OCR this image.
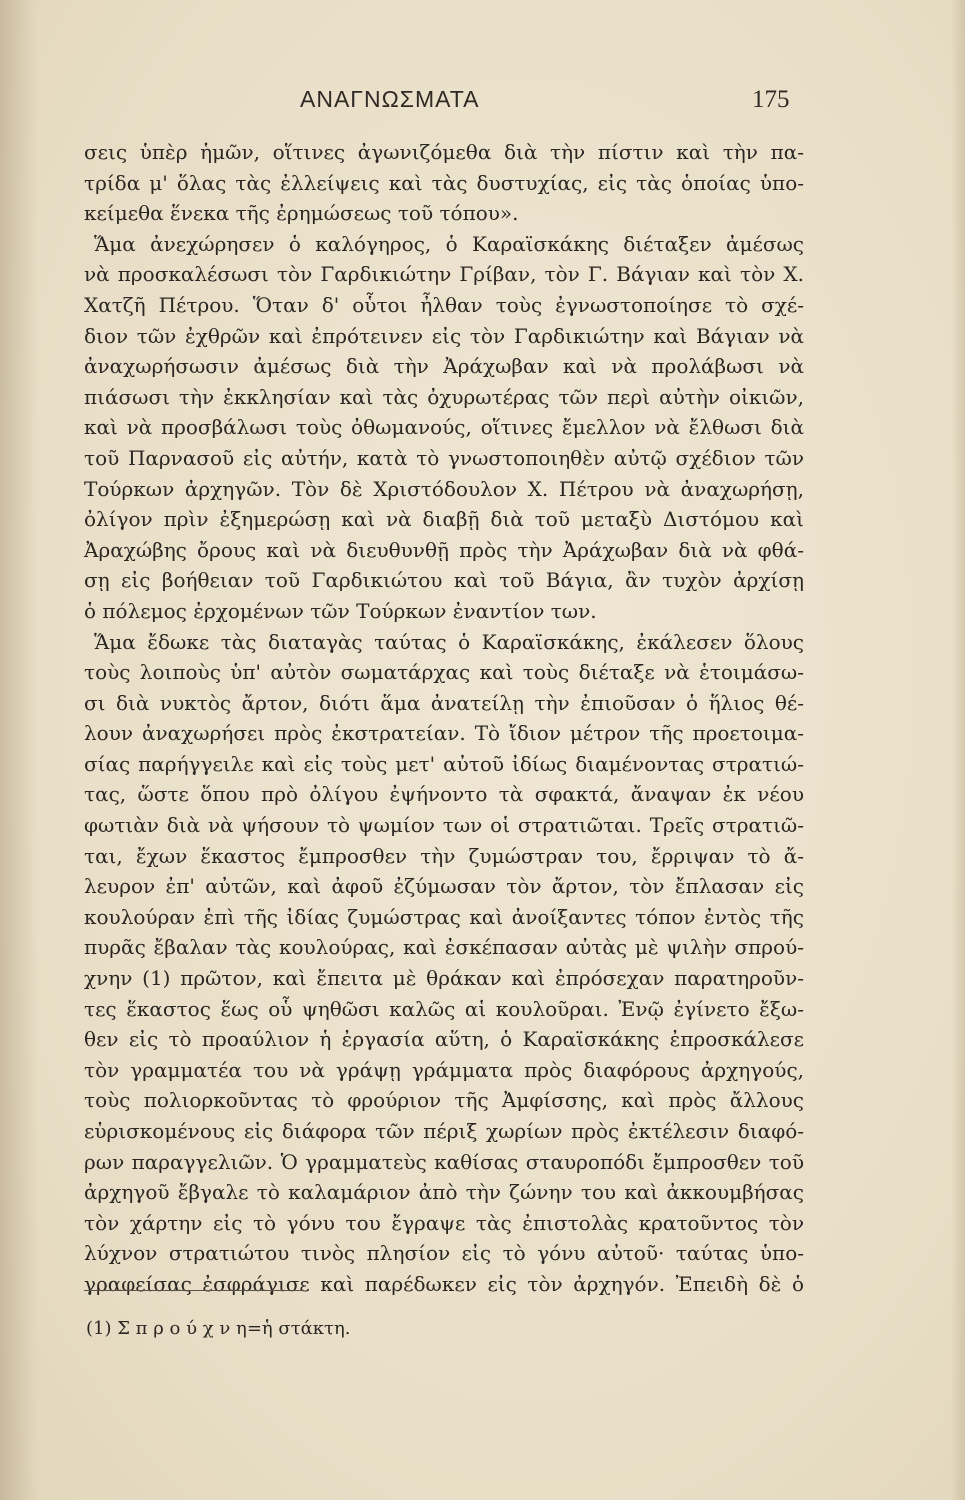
ΑΝΑΓΝΩΣΜΑΤΑ	175
σεις ὑπὲρ ἡμῶν, οἵτινες ἀγωνιζόμεθα διὰ τὴν πίστιν καὶ τὴν πα-
τρίδα μ' ὅλας τὰς ἐλλείψεις καὶ τὰς δυστυχίας, εἰς τὰς ὁποίας ὑπο-
κείμεθα ἕνεκα τῆς ἐρημώσεως τοῦ τόπου».
Ἅμα ἀνεχώρησεν ὁ καλόγηρος, ὁ Καραϊσκάκης διέταξεν ἀμέσως
νὰ προσκαλέσωσι τὸν Γαρδικιώτην Γρίβαν, τὸν Γ. Βάγιαν καὶ τὸν Χ.
Χατζῆ Πέτρου. Ὅταν δ' οὗτοι ἦλθαν τοὺς ἐγνωστοποίησε τὸ σχέ-
διον τῶν ἐχθρῶν καὶ ἐπρότεινεν εἰς τὸν Γαρδικιώτην καὶ Βάγιαν νὰ
ἀναχωρήσωσιν ἀμέσως διὰ τὴν Ἀράχωβαν καὶ νὰ προλάβωσι νὰ
πιάσωσι τὴν ἐκκλησίαν καὶ τὰς ὀχυρωτέρας τῶν περὶ αὐτὴν οἰκιῶν,
καὶ νὰ προσβάλωσι τοὺς ὀθωμανούς, οἵτινες ἔμελλον νὰ ἔλθωσι διὰ
τοῦ Παρνασοῦ εἰς αὐτήν, κατὰ τὸ γνωστοποιηθὲν αὐτῷ σχέδιον τῶν
Τούρκων ἀρχηγῶν. Τὸν δὲ Χριστόδουλον Χ. Πέτρου νὰ ἀναχωρήσῃ,
ὀλίγον πρὶν ἐξημερώσῃ καὶ νὰ διαβῇ διὰ τοῦ μεταξὺ Διστόμου καὶ
Ἀραχώβης ὄρους καὶ νὰ διευθυνθῇ πρὸς τὴν Ἀράχωβαν διὰ νὰ φθά-
σῃ εἰς βοήθειαν τοῦ Γαρδικιώτου καὶ τοῦ Βάγια, ἂν τυχὸν ἀρχίσῃ
ὁ πόλεμος ἐρχομένων τῶν Τούρκων ἐναντίον των.
Ἅμα ἔδωκε τὰς διαταγὰς ταύτας ὁ Καραϊσκάκης, ἐκάλεσεν ὅλους
τοὺς λοιποὺς ὑπ' αὐτὸν σωματάρχας καὶ τοὺς διέταξε νὰ ἑτοιμάσω-
σι διὰ νυκτὸς ἄρτον, διότι ἅμα ἀνατείλῃ τὴν ἐπιοῦσαν ὁ ἥλιος θέ-
λουν ἀναχωρήσει πρὸς ἐκστρατείαν. Τὸ ἴδιον μέτρον τῆς προετοιμα-
σίας παρήγγειλε καὶ εἰς τοὺς μετ' αὐτοῦ ἰδίως διαμένοντας στρατιώ-
τας, ὥστε ὅπου πρὸ ὀλίγου ἐψήνοντο τὰ σφακτά, ἄναψαν ἐκ νέου
φωτιὰν διὰ νὰ ψήσουν τὸ ψωμίον των οἱ στρατιῶται. Τρεῖς στρατιῶ-
ται, ἔχων ἕκαστος ἔμπροσθεν τὴν ζυμώστραν του, ἔρριψαν τὸ ἄ-
λευρον ἐπ' αὐτῶν, καὶ ἀφοῦ ἐζύμωσαν τὸν ἄρτον, τὸν ἔπλασαν εἰς
κουλούραν ἐπὶ τῆς ἰδίας ζυμώστρας καὶ ἀνοίξαντες τόπον ἐντὸς τῆς
πυρᾶς ἔβαλαν τὰς κουλούρας, καὶ ἐσκέπασαν αὐτὰς μὲ ψιλὴν σπρού-
χνην (1) πρῶτον, καὶ ἔπειτα μὲ θράκαν καὶ ἐπρόσεχαν παρατηροῦν-
τες ἕκαστος ἕως οὗ ψηθῶσι καλῶς αἱ κουλοῦραι. Ἐνῷ ἐγίνετο ἔξω-
θεν εἰς τὸ προαύλιον ἡ ἐργασία αὕτη, ὁ Καραϊσκάκης ἐπροσκάλεσε
τὸν γραμματέα του νὰ γράψῃ γράμματα πρὸς διαφόρους ἀρχηγούς,
τοὺς πολιορκοῦντας τὸ φρούριον τῆς Ἀμφίσσης, καὶ πρὸς ἄλλους
εὑρισκομένους εἰς διάφορα τῶν πέριξ χωρίων πρὸς ἐκτέλεσιν διαφό-
ρων παραγγελιῶν. Ὁ γραμματεὺς καθίσας σταυροπόδι ἔμπροσθεν τοῦ
ἀρχηγοῦ ἔβγαλε τὸ καλαμάριον ἀπὸ τὴν ζώνην του καὶ ἀκκουμβήσας
τὸν χάρτην εἰς τὸ γόνυ του ἔγραψε τὰς ἐπιστολὰς κρατοῦντος τὸν
λύχνον στρατιώτου τινὸς πλησίον εἰς τὸ γόνυ αὐτοῦ· ταύτας ὑπο-
γραφείσας ἐσφράγισε καὶ παρέδωκεν εἰς τὸν ἀρχηγόν. Ἐπειδὴ δὲ ὁ
(1) Σ π ρ ο ύ χ ν η=ἡ στάκτη.
